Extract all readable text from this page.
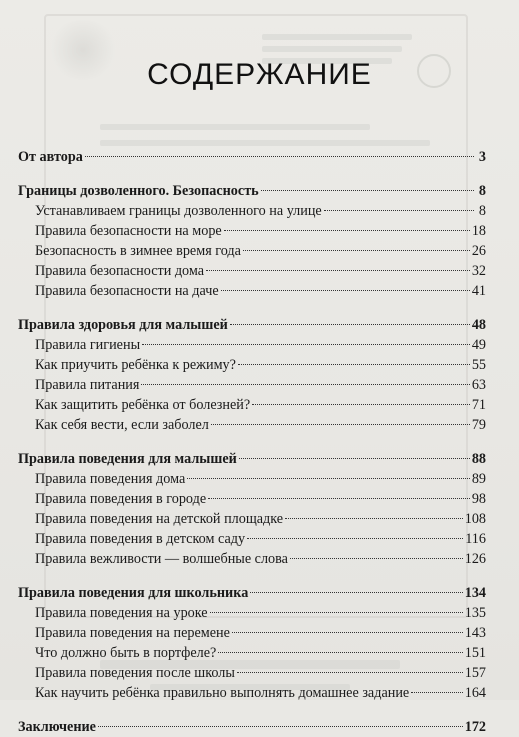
СОДЕРЖАНИЕ
От автора	3
Границы дозволенного. Безопасность	8
Устанавливаем границы дозволенного на улице	8
Правила безопасности на море	18
Безопасность в зимнее время года	26
Правила безопасности дома	32
Правила безопасности на даче	41
Правила здоровья для малышей	48
Правила гигиены	49
Как приучить ребёнка к режиму?	55
Правила питания	63
Как защитить ребёнка от болезней?	71
Как себя вести, если заболел	79
Правила поведения для малышей	88
Правила поведения дома	89
Правила поведения в городе	98
Правила поведения на детской площадке	108
Правила поведения в детском саду	116
Правила вежливости — волшебные слова	126
Правила поведения для школьника	134
Правила поведения на уроке	135
Правила поведения на перемене	143
Что должно быть в портфеле?	151
Правила поведения после школы	157
Как научить ребёнка правильно выполнять домашнее задание	164
Заключение	172
